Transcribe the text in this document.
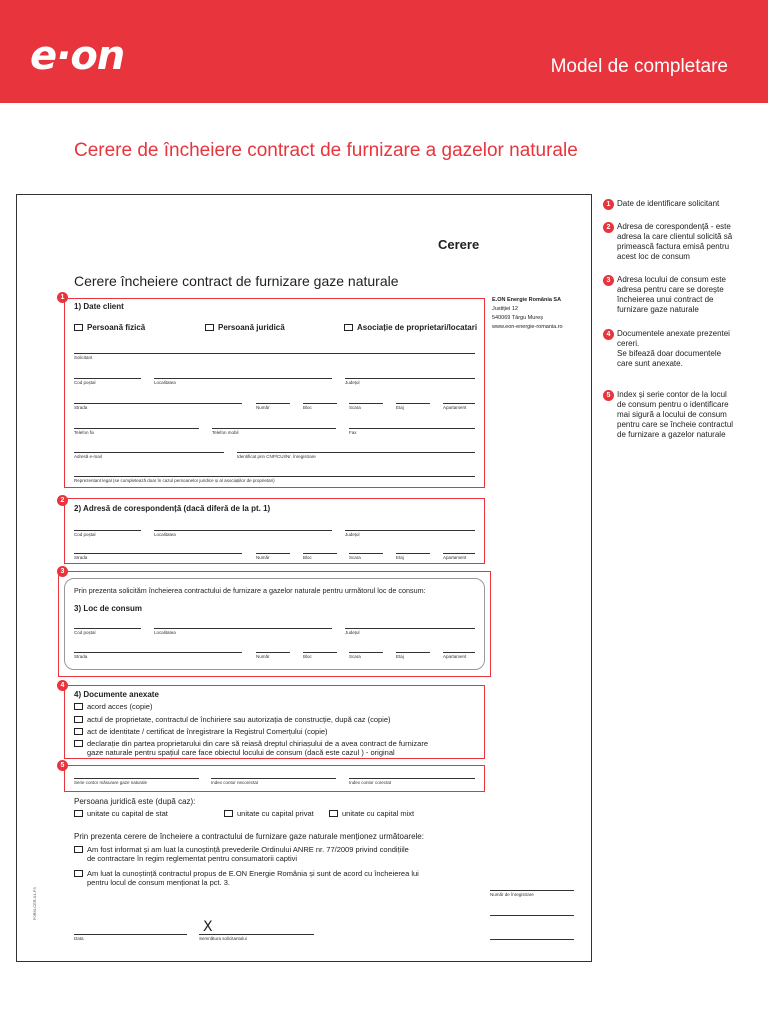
e·on	Model de completare
Cerere de încheiere contract de furnizare a gazelor naturale
Cerere
Cerere încheiere contract de furnizare gaze naturale
E.ON Energie România SA
Justiției 12
540069 Târgu Mureș
www.eon-energie-romania.ro
1
1) Date client
Persoană fizică	Persoană juridică	Asociație de proprietari/locatari
Solicitant
Cod poștal	Localitatea	Județul
Strada	Număr	Bloc	Scara	Etaj	Apartament
Telefon fix	Telefon mobil	Fax
Adresă e-mail	Identificat prin CNP/CUI/Nr. înregistrare
Reprezentant legal (se completează doar în cazul persoanelor juridice și al asociațiilor de proprietari)
2
2) Adresă de corespondență (dacă diferă de la pt. 1)
Cod poștal	Localitatea	Județul
Strada	Număr	Bloc	Scara	Etaj	Apartament
3
Prin prezenta solicităm încheierea contractului de furnizare a gazelor naturale pentru următorul loc de consum:
3) Loc de consum
Cod poștal	Localitatea	Județul
Strada	Număr	Bloc	Scara	Etaj	Apartament
4
4) Documente anexate
acord acces (copie)
actul de proprietate, contractul de închiriere sau autorizația de construcție, după caz (copie)
act de identitate / certificat de înregistrare la Registrul Comerțului (copie)
declarație din partea proprietarului din care să reiasă dreptul chiriașului de a avea contract de furnizare
gaze naturale pentru spațiul care face obiectul locului de consum (dacă este cazul ) - original
5
Serie contor măsurare gaze naturale	Index contor necorectat	Index contor corectat
Persoana juridică este (după caz):
unitate cu capital de stat	unitate cu capital privat	unitate cu capital mixt
Prin prezenta cerere de încheiere a contractului de furnizare gaze naturale menționez următoarele:
Am fost informat și am luat la cunoștință prevederile Ordinului ANRE nr. 77/2009 privind condițiile
de contractare în regim reglementat pentru consumatorii captivi
Am luat la cunoștință contractul propus de E.ON Energie România și sunt de acord cu încheierea lui
pentru locul de consum menționat la pct. 3.
Număr de înregistrare
Data
X
Semnătura solicitantului
F0RM-CER-01-P3
1 Date de identificare solicitant
2 Adresa de corespondență - este
adresa la care clientul solicită să
primească factura emisă pentru
acest loc de consum
3 Adresa locului de consum este
adresa pentru care se dorește
încheierea unui contract de
furnizare gaze naturale
4 Documentele anexate prezentei
cereri.
Se bifează doar documentele
care sunt anexate.
5 Index și serie contor de la locul
de consum pentru o identificare
mai sigură a locului de consum
pentru care se încheie contractul
de furnizare a gazelor naturale
